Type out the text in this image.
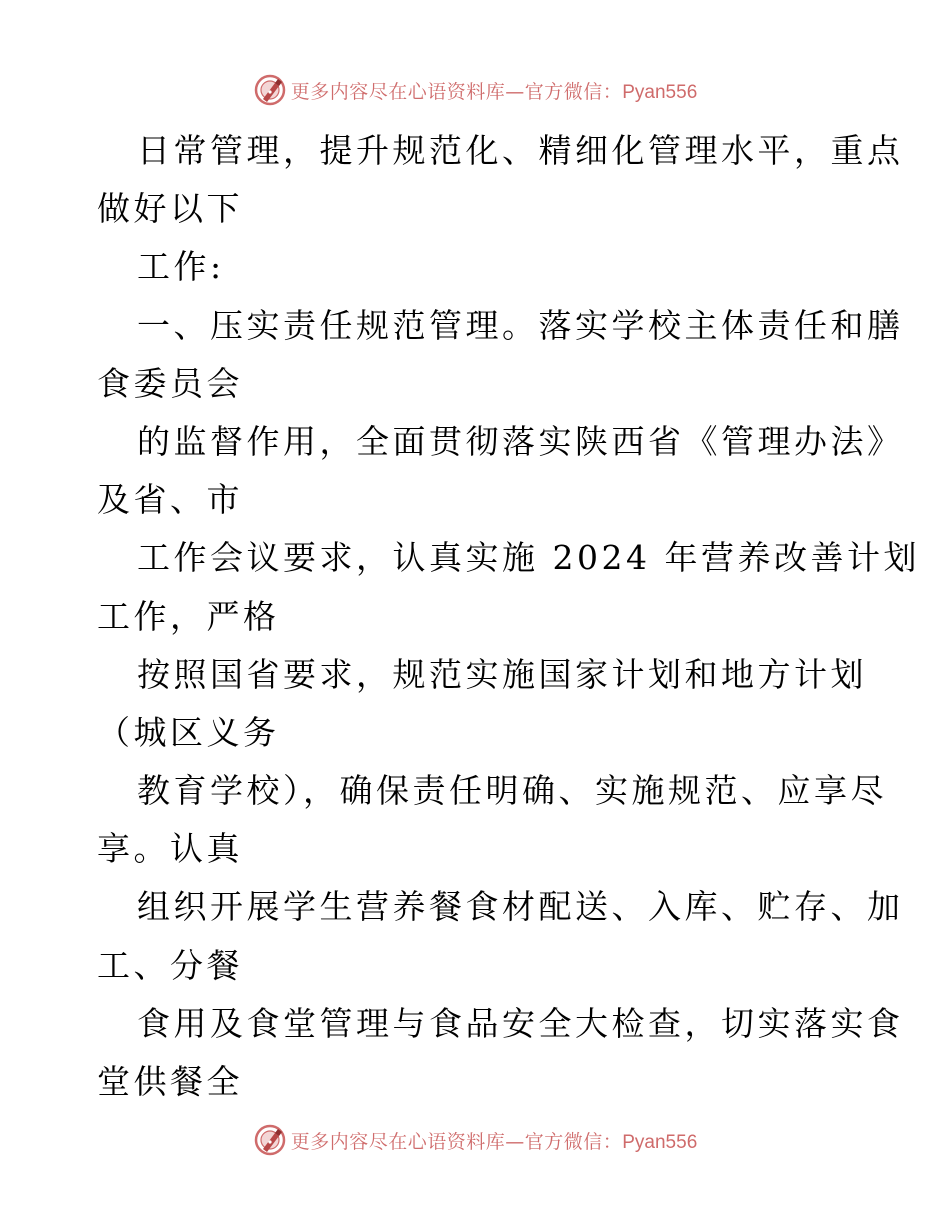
更多内容尽在心语资料库—官方微信：Pyan556
日常管理，提升规范化、精细化管理水平，重点
做好以下
工作:
一、压实责任规范管理。落实学校主体责任和膳
食委员会
的监督作用，全面贯彻落实陕西省《管理办法》
及省、市
工作会议要求，认真实施 2024 年营养改善计划
工作，严格
按照国省要求，规范实施国家计划和地方计划
（城区义务
教育学校），确保责任明确、实施规范、应享尽
享。认真
组织开展学生营养餐食材配送、入库、贮存、加
工、分餐
食用及食堂管理与食品安全大检查，切实落实食
堂供餐全
更多内容尽在心语资料库—官方微信：Pyan556
